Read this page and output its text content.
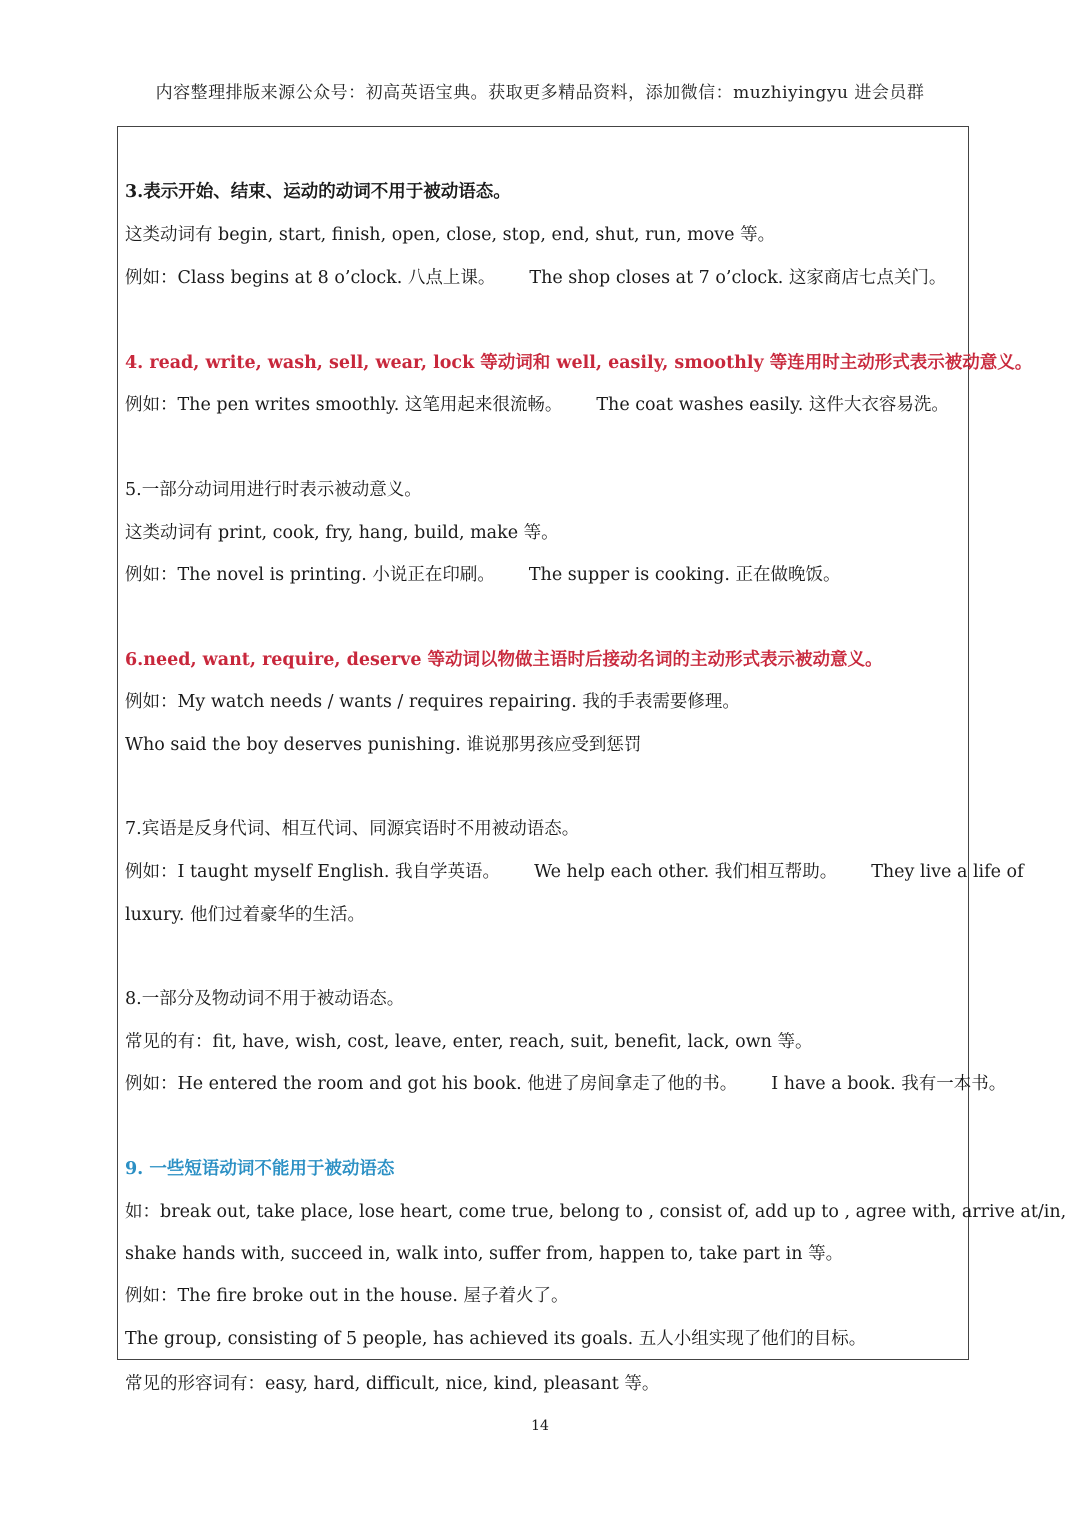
内容整理排版来源公众号：初高英语宝典。获取更多精品资料，添加微信：muzhiyingyu 进会员群
3.表示开始、结束、运动的动词不用于被动语态。
这类动词有 begin, start, finish, open, close, stop, end, shut, run, move 等。
例如：Class begins at 8 o’clock. 八点上课。 The shop closes at 7 o’clock. 这家商店七点关门。
4. read, write, wash, sell, wear, lock 等动词和 well, easily, smoothly 等连用时主动形式表示被动意义。
例如：The pen writes smoothly. 这笔用起来很流畅。 The coat washes easily. 这件大衣容易洗。
5.一部分动词用进行时表示被动意义。
这类动词有 print, cook, fry, hang, build, make 等。
例如：The novel is printing. 小说正在印刷。 The supper is cooking. 正在做晚饭。
6.need, want, require, deserve 等动词以物做主语时后接动名词的主动形式表示被动意义。
例如：My watch needs / wants / requires repairing. 我的手表需要修理。
Who said the boy deserves punishing. 谁说那男孩应受到惩罚
7.宾语是反身代词、相互代词、同源宾语时不用被动语态。
例如：I taught myself English. 我自学英语。 We help each other. 我们相互帮助。 They live a life of
luxury. 他们过着豪华的生活。
8.一部分及物动词不用于被动语态。
常见的有：fit, have, wish, cost, leave, enter, reach, suit, benefit, lack, own 等。
例如：He entered the room and got his book. 他进了房间拿走了他的书。 I have a book. 我有一本书。
9. 一些短语动词不能用于被动语态
如：break out, take place, lose heart, come true, belong to , consist of, add up to , agree with, arrive at/in,
shake hands with, succeed in, walk into, suffer from, happen to, take part in 等。
例如：The fire broke out in the house. 屋子着火了。
The group, consisting of 5 people, has achieved its goals. 五人小组实现了他们的目标。
常见的形容词有：easy, hard, difficult, nice, kind, pleasant 等。
14
